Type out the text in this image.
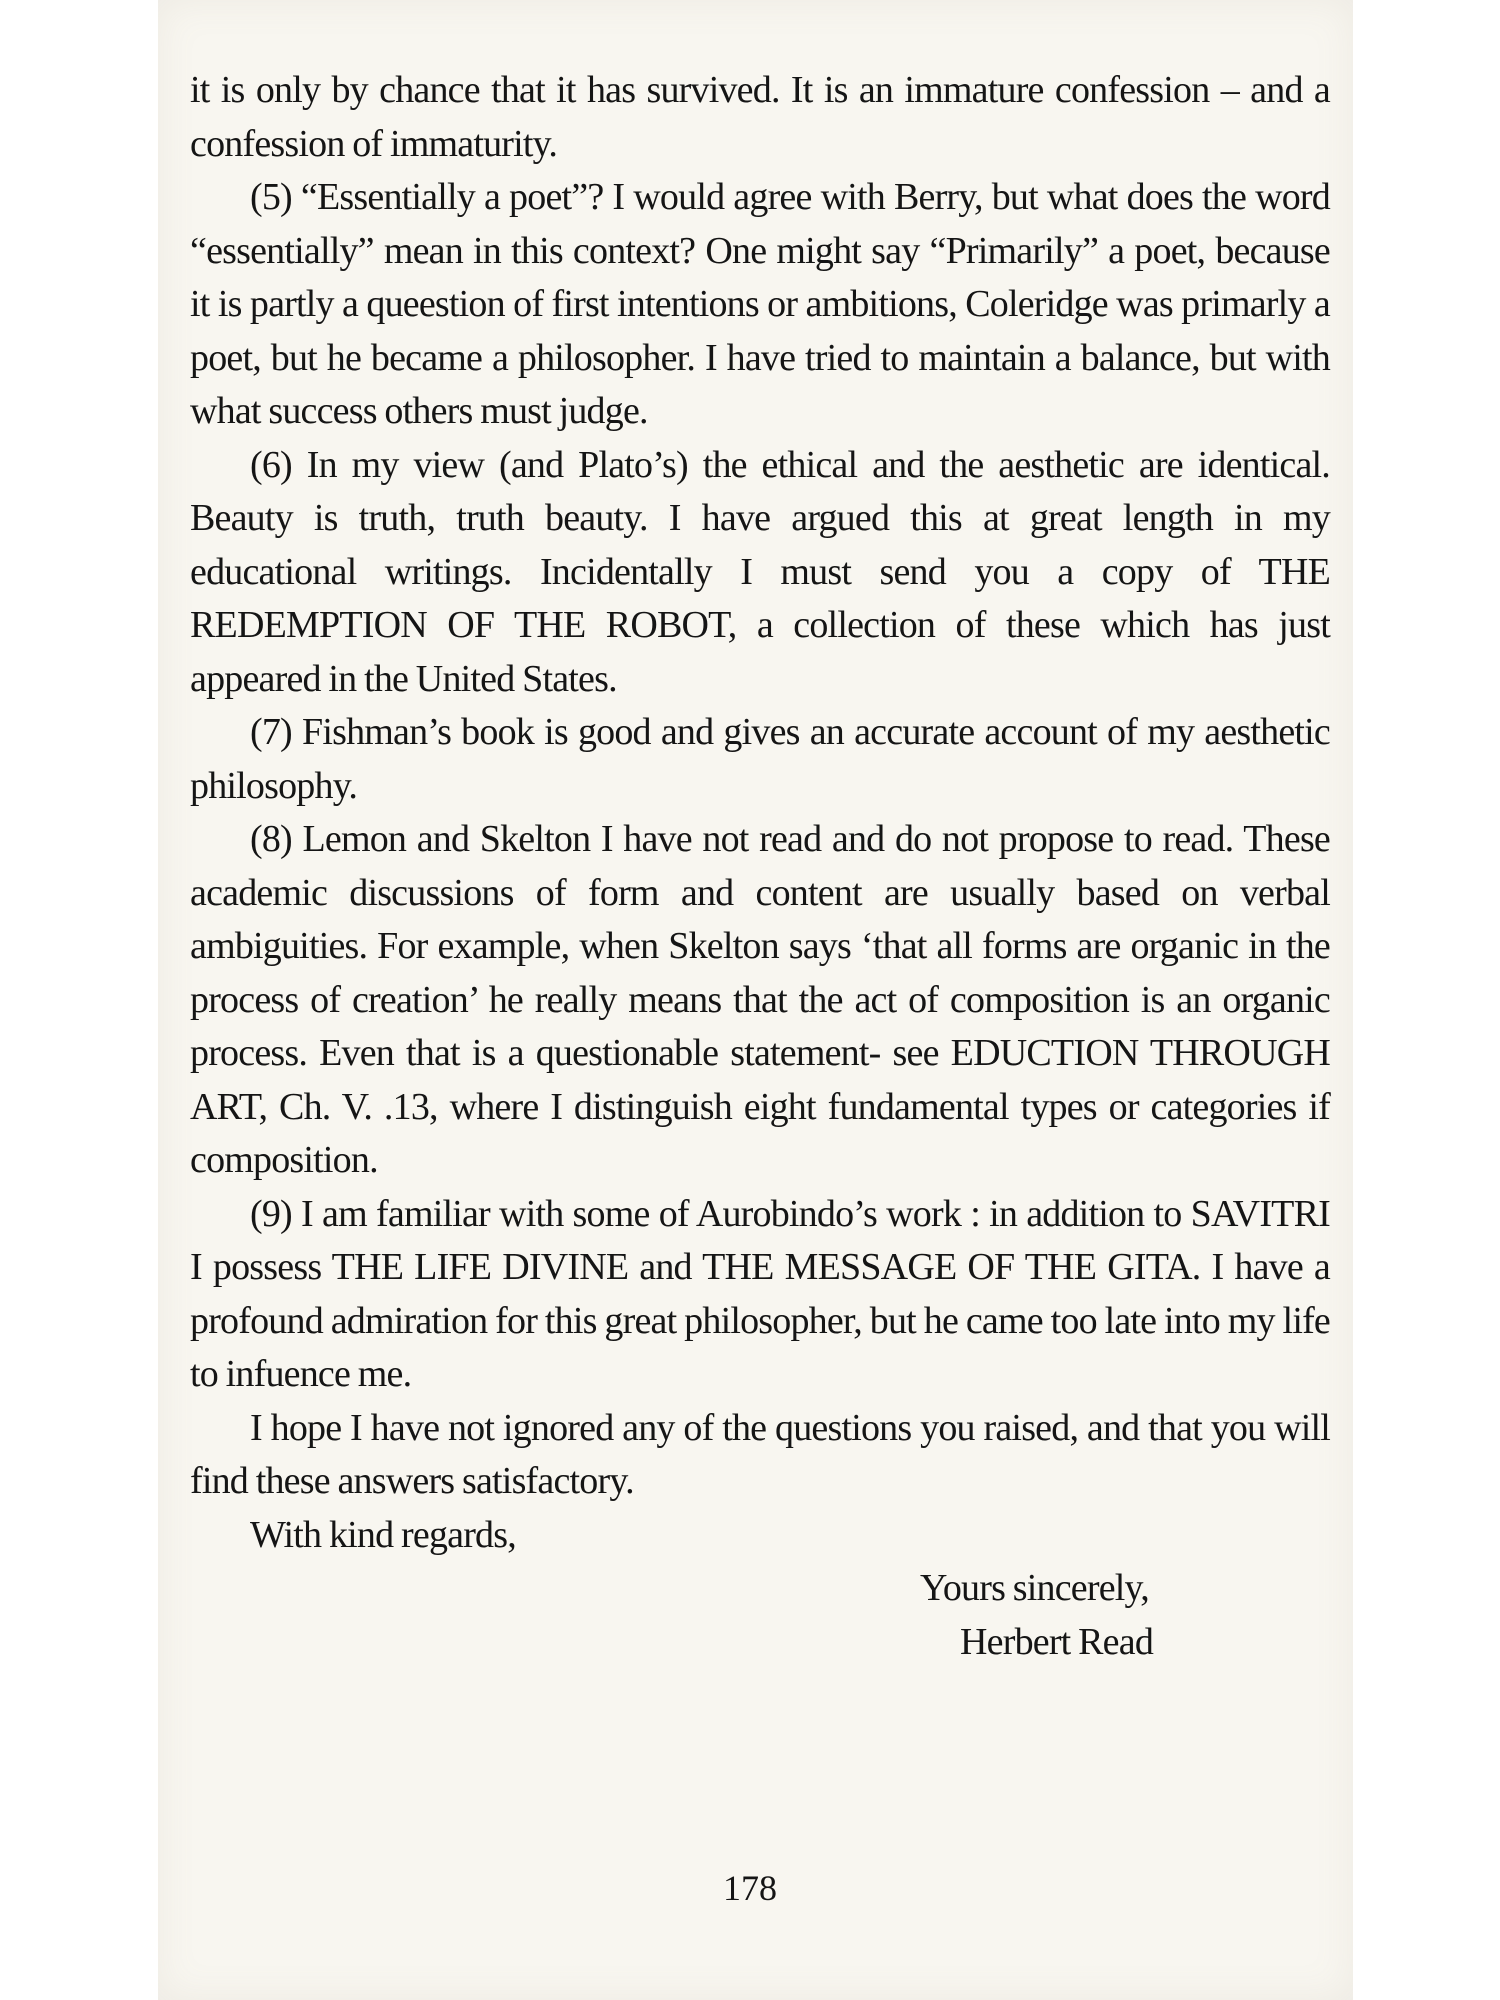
it is only by chance that it has survived. It is an immature confession – and a confession of immaturity.

(5) “Essentially a poet”? I would agree with Berry, but what does the word “essentially” mean in this context? One might say “Primarily” a poet, because it is partly a queestion of first intentions or ambitions, Coleridge was primarly a poet, but he became a philosopher. I have tried to maintain a balance, but with what success others must judge.

(6) In my view (and Plato’s) the ethical and the aesthetic are identical. Beauty is truth, truth beauty. I have argued this at great length in my educational writings. Incidentally I must send you a copy of THE REDEMPTION OF THE ROBOT, a collection of these which has just appeared in the United States.

(7) Fishman’s book is good and gives an accurate account of my aesthetic philosophy.

(8) Lemon and Skelton I have not read and do not propose to read. These academic discussions of form and content are usually based on verbal ambiguities. For example, when Skelton says ‘that all forms are organic in the process of creation’ he really means that the act of composition is an organic process. Even that is a questionable statement- see EDUCTION THROUGH ART, Ch. V. .13, where I distinguish eight fundamental types or categories if composition.

(9) I am familiar with some of Aurobindo’s work : in addition to SAVITRI I possess THE LIFE DIVINE and THE MESSAGE OF THE GITA. I have a profound admiration for this great philosopher, but he came too late into my life to infuence me.

I hope I have not ignored any of the questions you raised, and that you will find these answers satisfactory.

With kind regards,

Yours sincerely,

Herbert Read

178
